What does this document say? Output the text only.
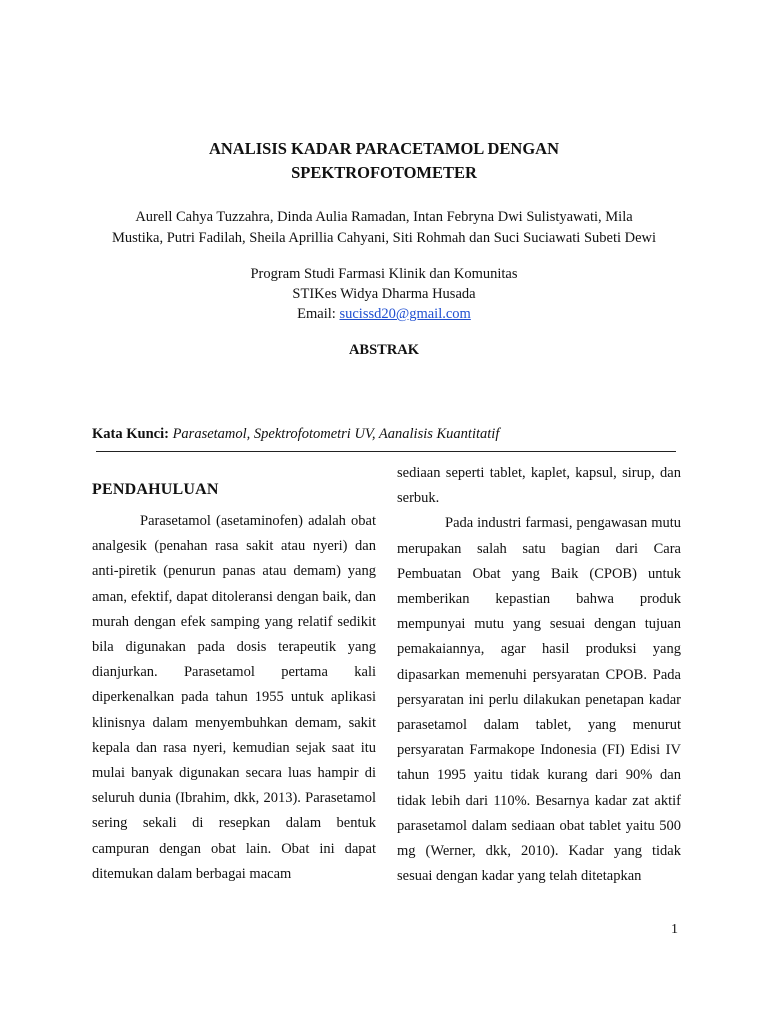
ANALISIS KADAR PARACETAMOL DENGAN
SPEKTROFOTOMETER
Aurell Cahya Tuzzahra, Dinda Aulia Ramadan, Intan Febryna Dwi Sulistyawati, Mila
Mustika, Putri Fadilah, Sheila Aprillia Cahyani, Siti Rohmah dan Suci Suciawati Subeti Dewi
Program Studi Farmasi Klinik dan Komunitas
STIKes Widya Dharma Husada
Email: sucissd20@gmail.com
ABSTRAK
Kata Kunci: Parasetamol, Spektrofotometri UV, Aanalisis Kuantitatif
PENDAHULUAN

Parasetamol (asetaminofen) adalah obat analgesik (penahan rasa sakit atau nyeri) dan anti-piretik (penurun panas atau demam) yang aman, efektif, dapat ditoleransi dengan baik, dan murah dengan efek samping yang relatif sedikit bila digunakan pada dosis terapeutik yang dianjurkan. Parasetamol pertama kali diperkenalkan pada tahun 1955 untuk aplikasi klinisnya dalam menyembuhkan demam, sakit kepala dan rasa nyeri, kemudian sejak saat itu mulai banyak digunakan secara luas hampir di seluruh dunia (Ibrahim, dkk, 2013). Parasetamol sering sekali di resepkan dalam bentuk campuran dengan obat lain. Obat ini dapat ditemukan dalam berbagai macam

sediaan seperti tablet, kaplet, kapsul, sirup, dan serbuk.

Pada industri farmasi, pengawasan mutu merupakan salah satu bagian dari Cara Pembuatan Obat yang Baik (CPOB) untuk memberikan kepastian bahwa produk mempunyai mutu yang sesuai dengan tujuan pemakaiannya, agar hasil produksi yang dipasarkan memenuhi persyaratan CPOB. Pada persyaratan ini perlu dilakukan penetapan kadar parasetamol dalam tablet, yang menurut persyaratan Farmakope Indonesia (FI) Edisi IV tahun 1995 yaitu tidak kurang dari 90% dan tidak lebih dari 110%. Besarnya kadar zat aktif parasetamol dalam sediaan obat tablet yaitu 500 mg (Werner, dkk, 2010). Kadar yang tidak sesuai dengan kadar yang telah ditetapkan

1
